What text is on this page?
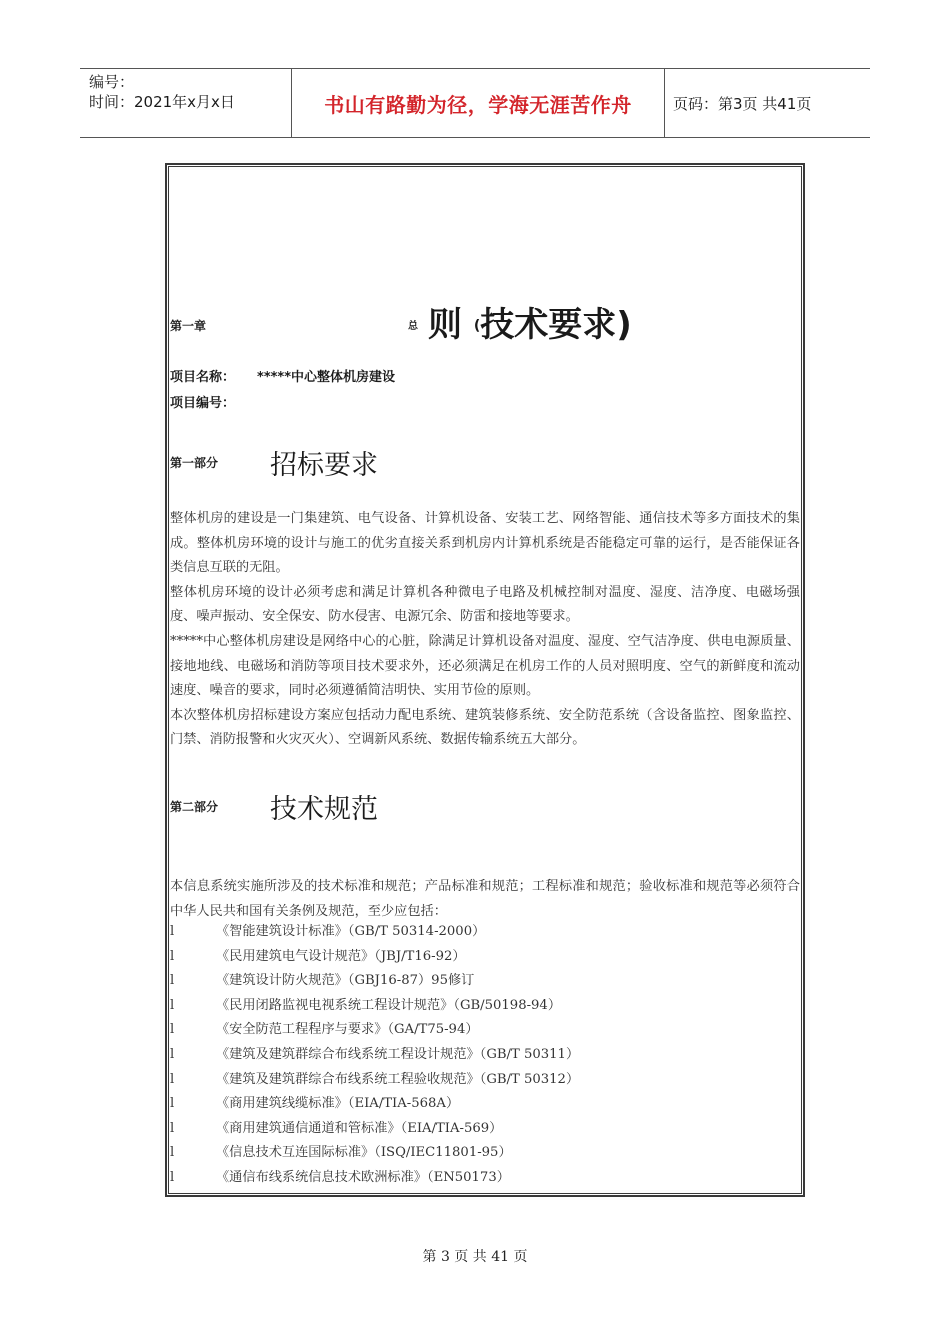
编号：
时间：2021年x月x日	书山有路勤为径，学海无涯苦作舟	页码：第3页 共41页
第一章	总 则 (技术要求)
项目名称： *****中心整体机房建设
项目编号：
第一部分	招标要求

整体机房的建设是一门集建筑、电气设备、计算机设备、安装工艺、网络智能、通信技术等多方面技术的集成。整体机房环境的设计与施工的优劣直接关系到机房内计算机系统是否能稳定可靠的运行，是否能保证各类信息互联的无阻。

整体机房环境的设计必须考虑和满足计算机各种微电子电路及机械控制对温度、湿度、洁净度、电磁场强度、噪声振动、安全保安、防水侵害、电源冗余、防雷和接地等要求。

*****中心整体机房建设是网络中心的心脏，除满足计算机设备对温度、湿度、空气洁净度、供电电源质量、接地地线、电磁场和消防等项目技术要求外，还必须满足在机房工作的人员对照明度、空气的新鲜度和流动速度、噪音的要求，同时必须遵循简洁明快、实用节俭的原则。

本次整体机房招标建设方案应包括动力配电系统、建筑装修系统、安全防范系统（含设备监控、图象监控、门禁、消防报警和火灾灭火）、空调新风系统、数据传输系统五大部分。

第二部分	技术规范
本信息系统实施所涉及的技术标准和规范；产品标准和规范；工程标准和规范；验收标准和规范等必须符合中华人民共和国有关条例及规范，至少应包括：
l	《智能建筑设计标准》（GB/T 50314-2000）
l	《民用建筑电气设计规范》（JBJ/T16-92）
l	《建筑设计防火规范》（GBJ16-87）95修订
l	《民用闭路监视电视系统工程设计规范》（GB/50198-94）
l	《安全防范工程程序与要求》（GA/T75-94）
l	《建筑及建筑群综合布线系统工程设计规范》（GB/T 50311）
l	《建筑及建筑群综合布线系统工程验收规范》（GB/T 50312）
l	《商用建筑线缆标准》（EIA/TIA-568A）
l	《商用建筑通信通道和管标准》（EIA/TIA-569）
l	《信息技术互连国际标准》（ISQ/IEC11801-95）
l	《通信布线系统信息技术欧洲标准》（EN50173）
第 3 页 共 41 页
